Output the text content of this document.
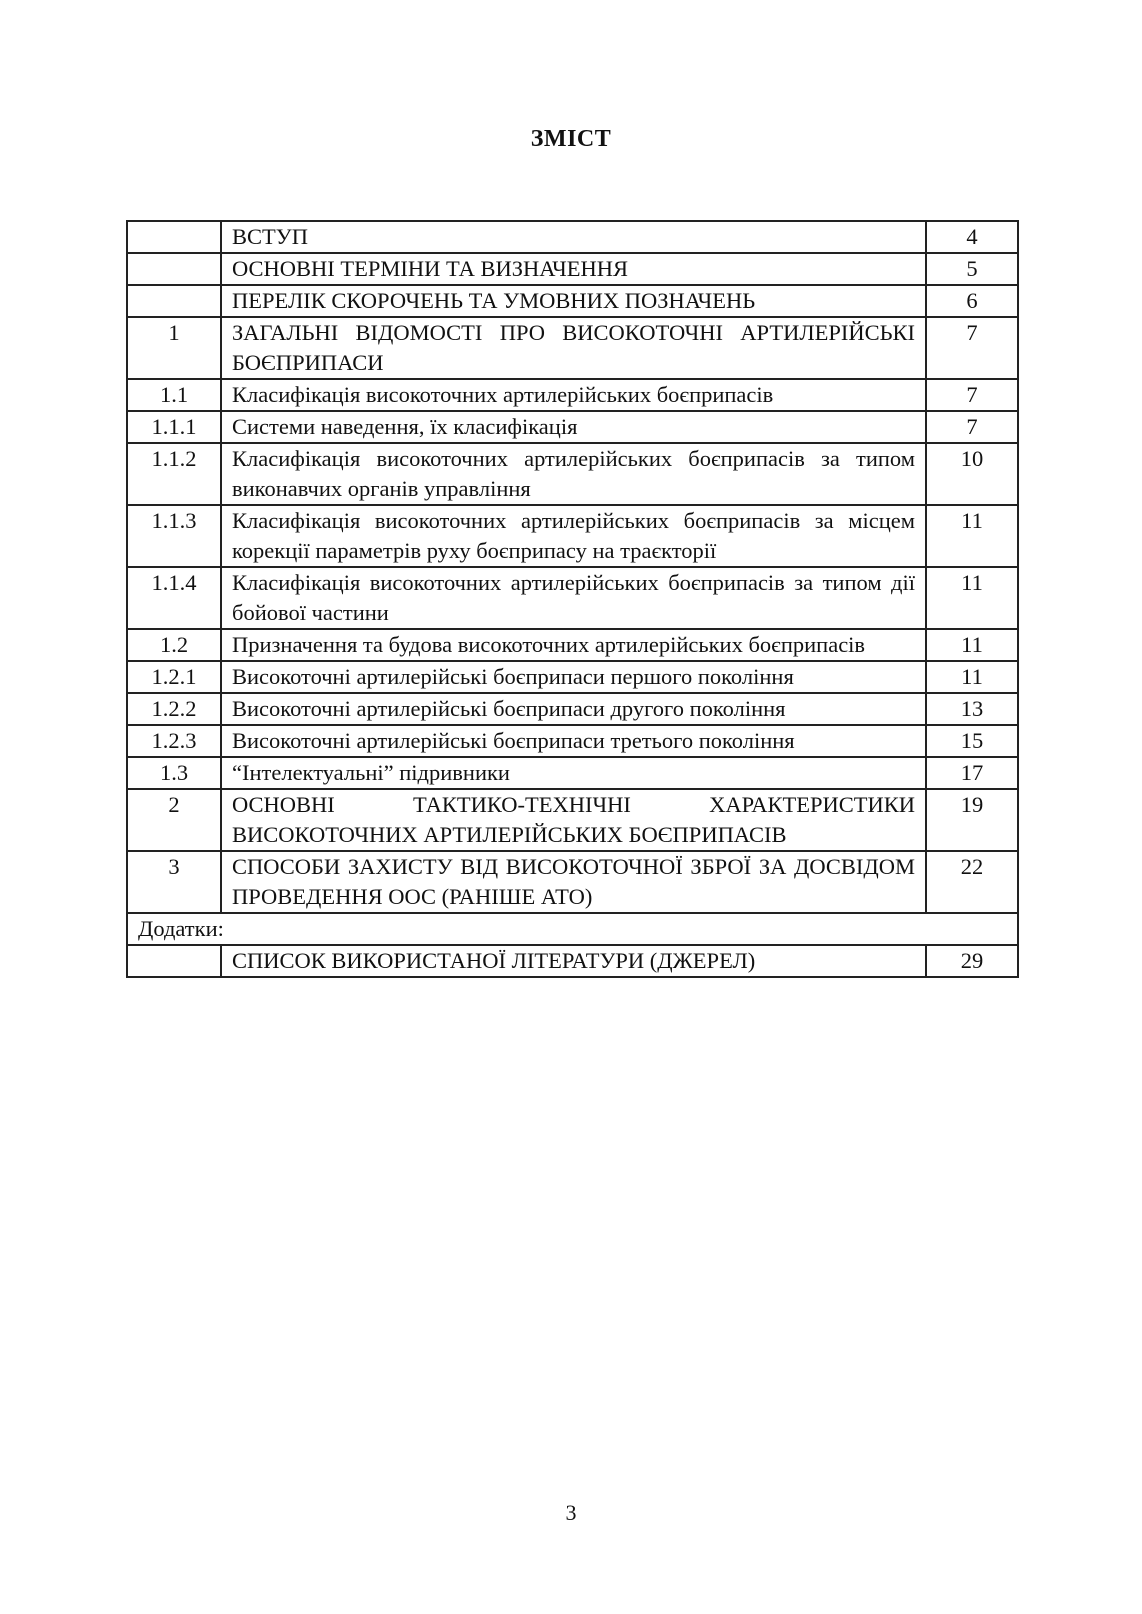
ЗМІСТ
	ВСТУП	4
	ОСНОВНІ ТЕРМІНИ ТА ВИЗНАЧЕННЯ	5
	ПЕРЕЛІК СКОРОЧЕНЬ ТА УМОВНИХ ПОЗНАЧЕНЬ	6
1	ЗАГАЛЬНІ ВІДОМОСТІ ПРО ВИСОКОТОЧНІ АРТИЛЕРІЙСЬКІ БОЄПРИПАСИ	7
1.1	Класифікація високоточних артилерійських боєприпасів	7
1.1.1	Системи наведення, їх класифікація	7
1.1.2	Класифікація високоточних артилерійських боєприпасів за типом виконавчих органів управління	10
1.1.3	Класифікація високоточних артилерійських боєприпасів за місцем корекції параметрів руху боєприпасу на траєкторії	11
1.1.4	Класифікація високоточних артилерійських боєприпасів за типом дії бойової частини	11
1.2	Призначення та будова високоточних артилерійських боєприпасів	11
1.2.1	Високоточні артилерійські боєприпаси першого покоління	11
1.2.2	Високоточні артилерійські боєприпаси другого покоління	13
1.2.3	Високоточні артилерійські боєприпаси третього покоління	15
1.3	“Інтелектуальні” підривники	17
2	ОСНОВНІ ТАКТИКО-ТЕХНІЧНІ ХАРАКТЕРИСТИКИ ВИСОКОТОЧНИХ АРТИЛЕРІЙСЬКИХ БОЄПРИПАСІВ	19
3	СПОСОБИ ЗАХИСТУ ВІД ВИСОКОТОЧНОЇ ЗБРОЇ ЗА ДОСВІДОМ ПРОВЕДЕННЯ ООС (РАНІШЕ АТО)	22
Додатки:		
	СПИСОК ВИКОРИСТАНОЇ ЛІТЕРАТУРИ (ДЖЕРЕЛ)	29
3
